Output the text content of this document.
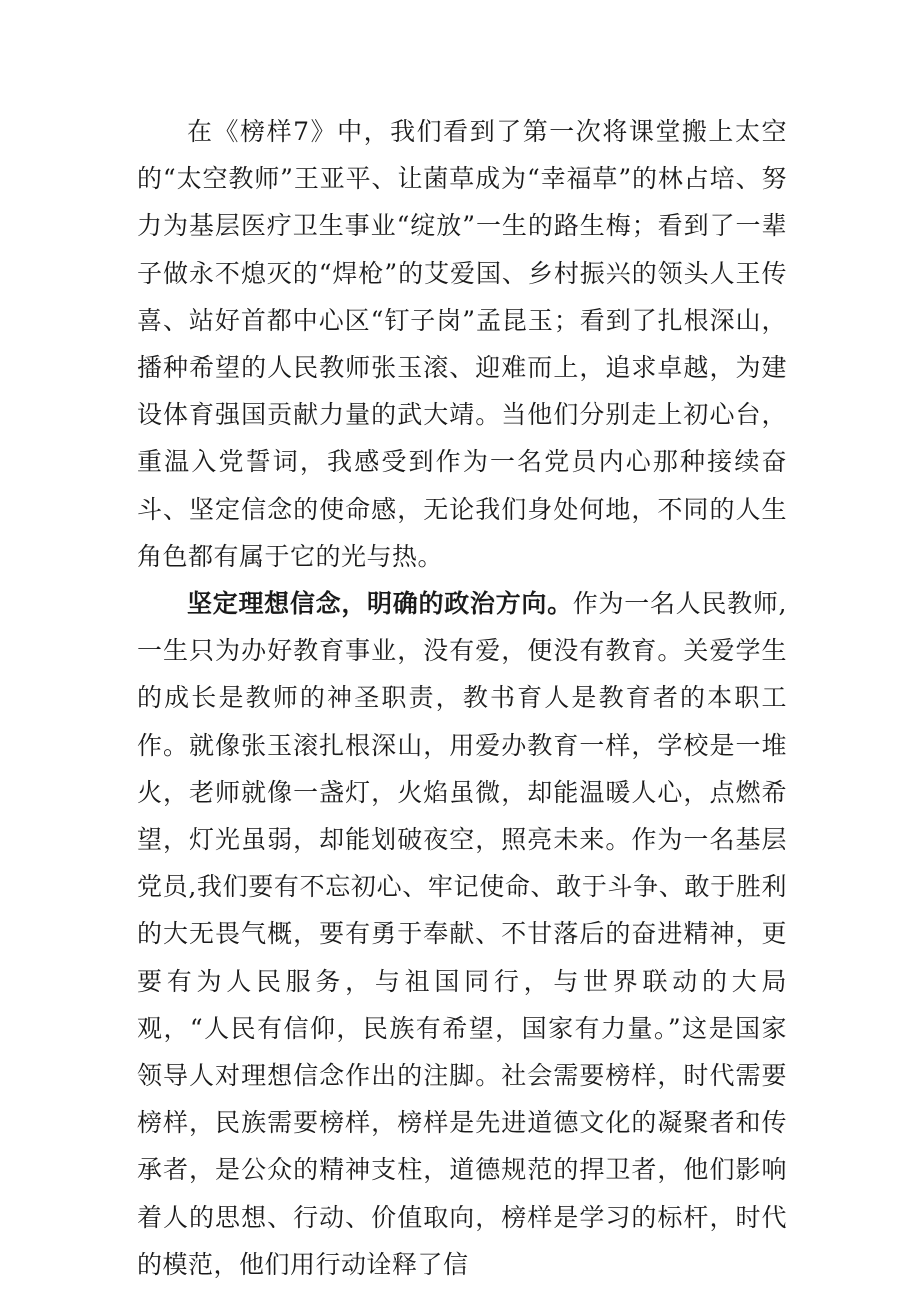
在《榜样7》中，我们看到了第一次将课堂搬上太空的“太空教师”王亚平、让菌草成为“幸福草”的林占培、努力为基层医疗卫生事业“绽放”一生的路生梅；看到了一辈子做永不熄灭的“焊枪”的艾爱国、乡村振兴的领头人王传喜、站好首都中心区“钉子岗”孟昆玉；看到了扎根深山，播种希望的人民教师张玉滚、迎难而上，追求卓越，为建设体育强国贡献力量的武大靖。当他们分别走上初心台，重温入党誓词，我感受到作为一名党员内心那种接续奋斗、坚定信念的使命感，无论我们身处何地，不同的人生角色都有属于它的光与热。

坚定理想信念，明确的政治方向。作为一名人民教师,一生只为办好教育事业，没有爱，便没有教育。关爱学生的成长是教师的神圣职责，教书育人是教育者的本职工作。就像张玉滚扎根深山，用爱办教育一样，学校是一堆火，老师就像一盏灯，火焰虽微，却能温暖人心，点燃希望，灯光虽弱，却能划破夜空，照亮未来。作为一名基层党员,我们要有不忘初心、牢记使命、敢于斗争、敢于胜利的大无畏气概，要有勇于奉献、不甘落后的奋进精神，更要有为人民服务，与祖国同行，与世界联动的大局观，“人民有信仰，民族有希望，国家有力量。”这是国家领导人对理想信念作出的注脚。社会需要榜样，时代需要榜样，民族需要榜样，榜样是先进道德文化的凝聚者和传承者，是公众的精神支柱，道德规范的捍卫者，他们影响着人的思想、行动、价值取向，榜样是学习的标杆，时代的模范，他们用行动诠释了信
